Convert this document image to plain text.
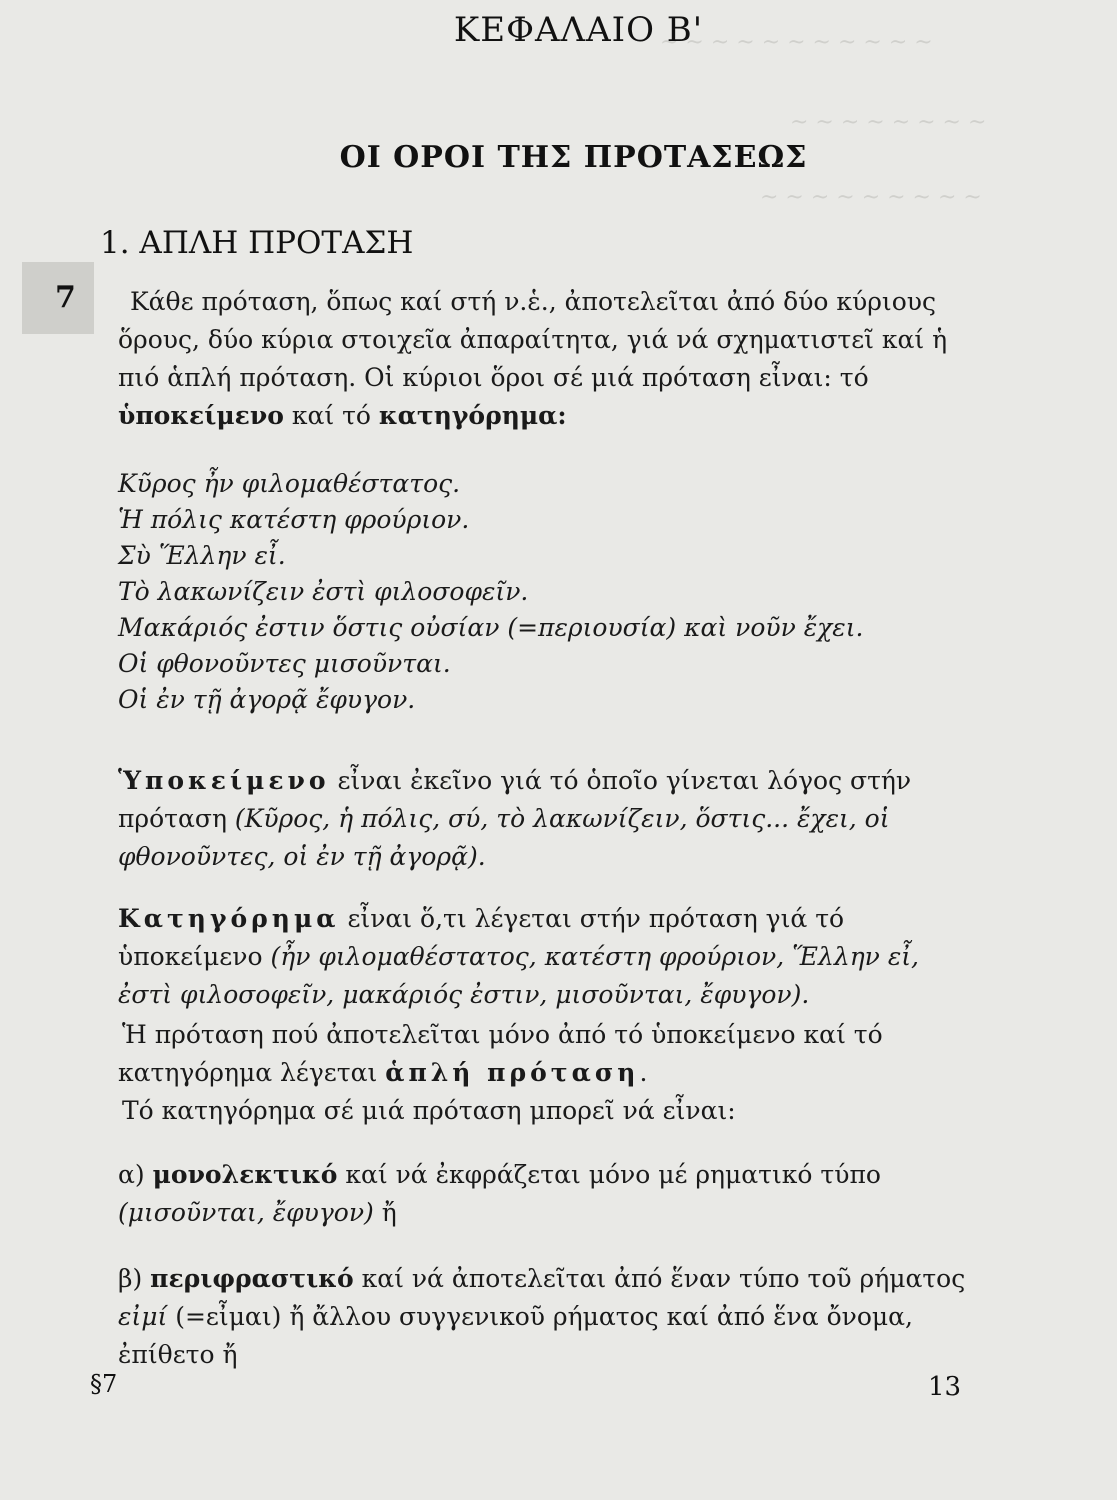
~ ~ ~ ~ ~ ~ ~ ~ ~ ~ ~
~ ~ ~ ~ ~ ~ ~ ~
~ ~ ~ ~ ~ ~ ~ ~ ~
7
ΚΕΦΑΛΑΙΟ Β'
ΟΙ ΟΡΟΙ ΤΗΣ ΠΡΟΤΑΣΕΩΣ
1. ΑΠΛΗ ΠΡΟΤΑΣΗ

Κάθε πρόταση, ὅπως καί στή ν.ἑ., ἀποτελεῖται ἀπό δύο κύριους ὅρους, δύο κύρια στοιχεῖα ἀπαραίτητα, γιά νά σχηματιστεῖ καί ἡ πιό ἁπλή πρόταση. Οἱ κύριοι ὅροι σέ μιά πρόταση εἶναι: τό ὑποκείμενο καί τό κατηγόρημα:

Κῦρος ἦν φιλομαθέστατος.
Ἡ πόλις κατέστη φρούριον.
Σὺ Ἕλλην εἶ.
Τὸ λακωνίζειν ἐστὶ φιλοσοφεῖν.
Μακάριός ἐστιν ὅστις οὐσίαν (=περιουσία) καὶ νοῦν ἔχει.
Οἱ φθονοῦντες μισοῦνται.
Οἱ ἐν τῇ ἀγορᾷ ἔφυγον.

Ὑποκείμενο εἶναι ἐκεῖνο γιά τό ὁποῖο γίνεται λόγος στήν πρόταση (Κῦρος, ἡ πόλις, σύ, τὸ λακωνίζειν, ὅστις... ἔχει, οἱ φθονοῦντες, οἱ ἐν τῇ ἀγορᾷ).

Κατηγόρημα εἶναι ὅ,τι λέγεται στήν πρόταση γιά τό ὑποκείμενο (ἦν φιλομαθέστατος, κατέστη φρούριον, Ἕλλην εἶ, ἐστὶ φιλοσοφεῖν, μακάριός ἐστιν, μισοῦνται, ἔφυγον).

Ἡ πρόταση πού ἀποτελεῖται μόνο ἀπό τό ὑποκείμενο καί τό κατηγόρημα λέγεται ἁπλή πρόταση.

Τό κατηγόρημα σέ μιά πρόταση μπορεῖ νά εἶναι:

α) μονολεκτικό καί νά ἐκφράζεται μόνο μέ ρηματικό τύπο (μισοῦνται, ἔφυγον) ἤ

β) περιφραστικό καί νά ἀποτελεῖται ἀπό ἕναν τύπο τοῦ ρήματος εἰμί (=εἶμαι) ἤ ἄλλου συγγενικοῦ ρήματος καί ἀπό ἕνα ὄνομα, ἐπίθετο ἤ

§7	13
